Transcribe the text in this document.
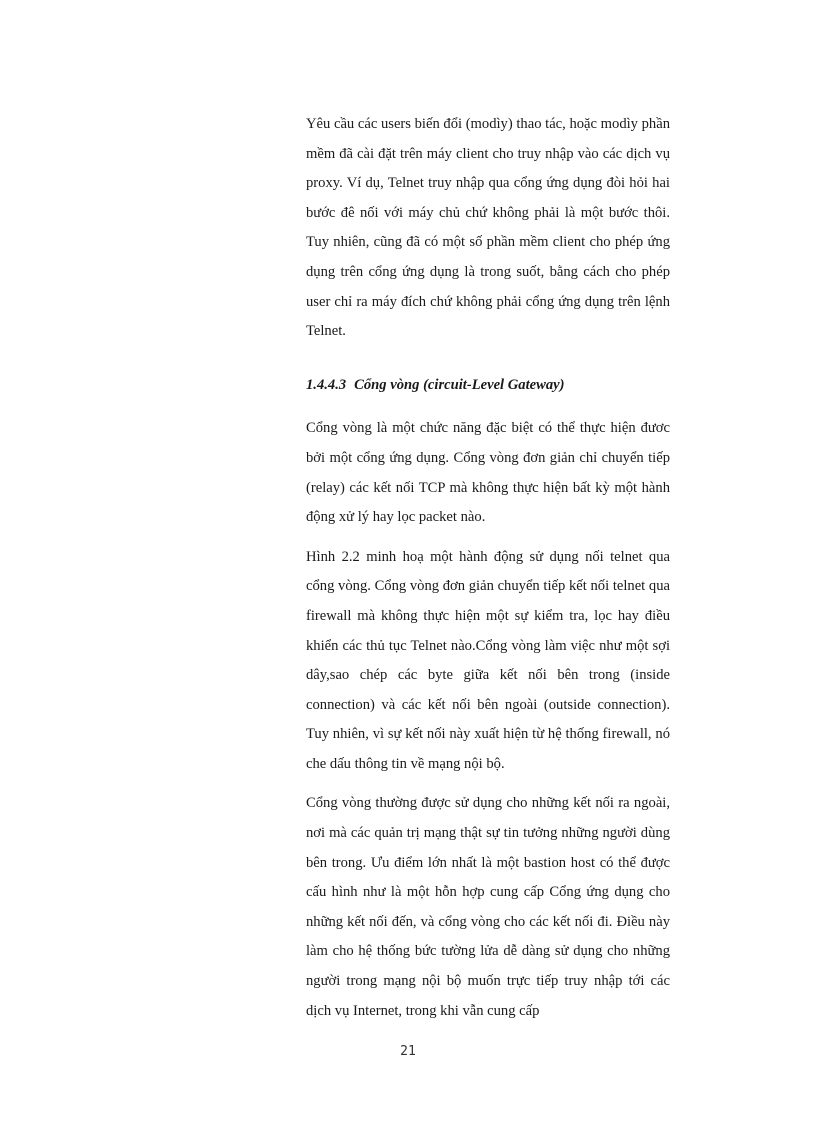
Yêu cầu các users biến đổi (modìy) thao tác, hoặc modìy phần mềm đã cài đặt trên máy client cho truy nhập vào các dịch vụ proxy. Ví dụ, Telnet truy nhập qua cổng ứng dụng đòi hỏi hai bước đê nối với máy chủ chứ không phải là một bước thôi. Tuy nhiên, cũng đã có một số phần mềm client cho phép ứng dụng trên cổng ứng dụng là trong suốt, bằng cách cho phép user chỉ ra máy đích chứ không phải cổng ứng dụng trên lệnh Telnet.

1.4.4.3 Cổng vòng (circuit-Level Gateway)

Cổng vòng là một chức năng đặc biệt có thể thực hiện đươc bởi một cổng ứng dụng. Cổng vòng đơn giản chỉ chuyển tiếp (relay) các kết nối TCP mà không thực hiện bất kỳ một hành động xử lý hay lọc packet nào.

Hình 2.2 minh hoạ một hành động sử dụng nối telnet qua cổng vòng. Cổng vòng đơn giản chuyển tiếp kết nối telnet qua firewall mà không thực hiện một sự kiểm tra, lọc hay điều khiển các thủ tục Telnet nào.Cổng vòng làm việc như một sợi dây,sao chép các byte giữa kết nối bên trong (inside connection) và các kết nối bên ngoài (outside connection). Tuy nhiên, vì sự kết nối này xuất hiện từ hệ thống firewall, nó che dấu thông tin về mạng nội bộ.

Cổng vòng thường được sử dụng cho những kết nối ra ngoài, nơi mà các quản trị mạng thật sự tin tưởng những người dùng bên trong. Ưu điểm lớn nhất là một bastion host có thể được cấu hình như là một hỗn hợp cung cấp Cổng ứng dụng cho những kết nối đến, và cổng vòng cho các kết nối đi. Điều này làm cho hệ thống bức tường lửa dễ dàng sử dụng cho những người trong mạng nội bộ muốn trực tiếp truy nhập tới các dịch vụ Internet, trong khi vẫn cung cấp

21
